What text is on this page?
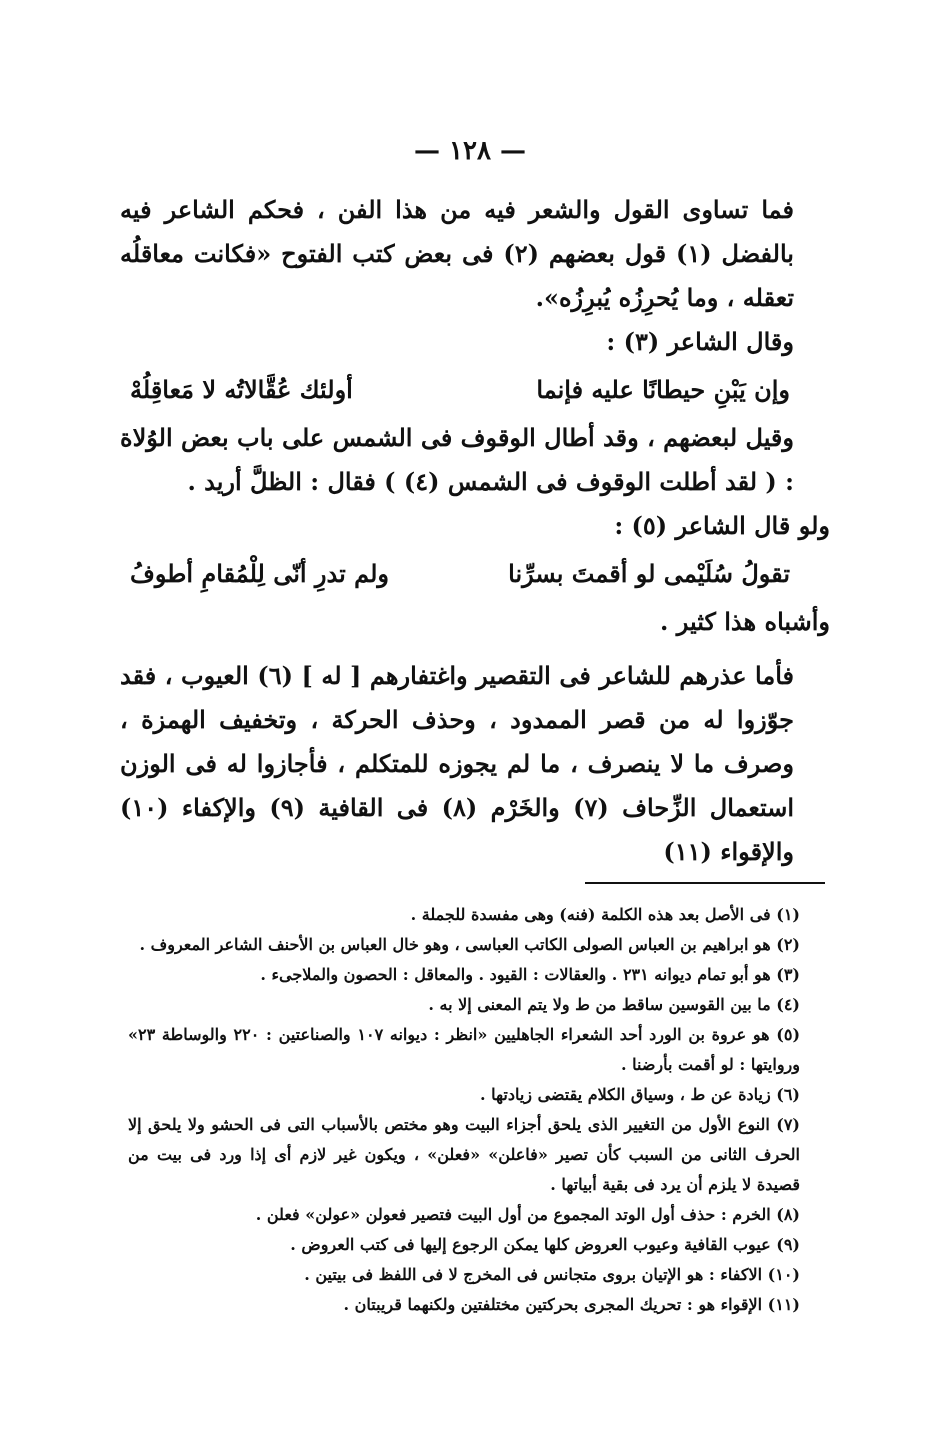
— ١٢٨ —

فما تساوى القول والشعر فيه من هذا الفن ، فحكم الشاعر فيه بالفضل (١) قول بعضهم (٢) فى بعض كتب الفتوح «فكانت معاقلُه تعقله ، وما يُحرِزُه يُبرِزُه».

وقال الشاعر (٣) :

وإن يَبْنِ حيطانًا عليه فإنما
أولئك عُقَّالاتُه لا مَعاقِلُهْ

وقيل لبعضهم ، وقد أطال الوقوف فى الشمس على باب بعض الوُلاة : ( لقد أطلت الوقوف فى الشمس (٤) ) فقال : الظلَّ أريد .

ولو قال الشاعر (٥) :

تقولُ سُلَيْمى لو أقمتَ بسرِّنا
ولم تدرِ أنّى لِلْمُقامِ أطوفُ

وأشباه هذا كثير .

فأما عذرهم للشاعر فى التقصير واغتفارهم [ له ] (٦) العيوب ، فقد جوّزوا له من قصر الممدود ، وحذف الحركة ، وتخفيف الهمزة ، وصرف ما لا ينصرف ، ما لم يجوزه للمتكلم ، فأجازوا له فى الوزن استعمال الزِّحاف (٧) والخَرْم (٨) فى القافية (٩) والإكفاء (١٠) والإقواء (١١)

(١) فى الأصل بعد هذه الكلمة (فنه) وهى مفسدة للجملة .

(٢) هو ابراهيم بن العباس الصولى الكاتب العباسى ، وهو خال العباس بن الأحنف الشاعر المعروف .

(٣) هو أبو تمام ديوانه ٢٣١ . والعقالات : القيود . والمعاقل : الحصون والملاجىء .

(٤) ما بين القوسين ساقط من ط ولا يتم المعنى إلا به .

(٥) هو عروة بن الورد أحد الشعراء الجاهليين «انظر : ديوانه ١٠٧ والصناعتين : ٢٢٠ والوساطة ٢٣» وروايتها : لو أقمت بأرضنا .

(٦) زيادة عن ط ، وسياق الكلام يقتضى زيادتها .

(٧) النوع الأول من التغيير الذى يلحق أجزاء البيت وهو مختص بالأسباب التى فى الحشو ولا يلحق إلا الحرف الثانى من السبب كأن تصير «فاعلن» «فعلن» ، ويكون غير لازم أى إذا ورد فى بيت من قصيدة لا يلزم أن يرد فى بقية أبياتها .

(٨) الخرم : حذف أول الوتد المجموع من أول البيت فتصير فعولن «عولن» فعلن .

(٩) عيوب القافية وعيوب العروض كلها يمكن الرجوع إليها فى كتب العروض .

(١٠) الاكفاء : هو الإتيان بروى متجانس فى المخرج لا فى اللفظ فى بيتين .

(١١) الإقواء هو : تحريك المجرى بحركتين مختلفتين ولكنهما قريبتان .
